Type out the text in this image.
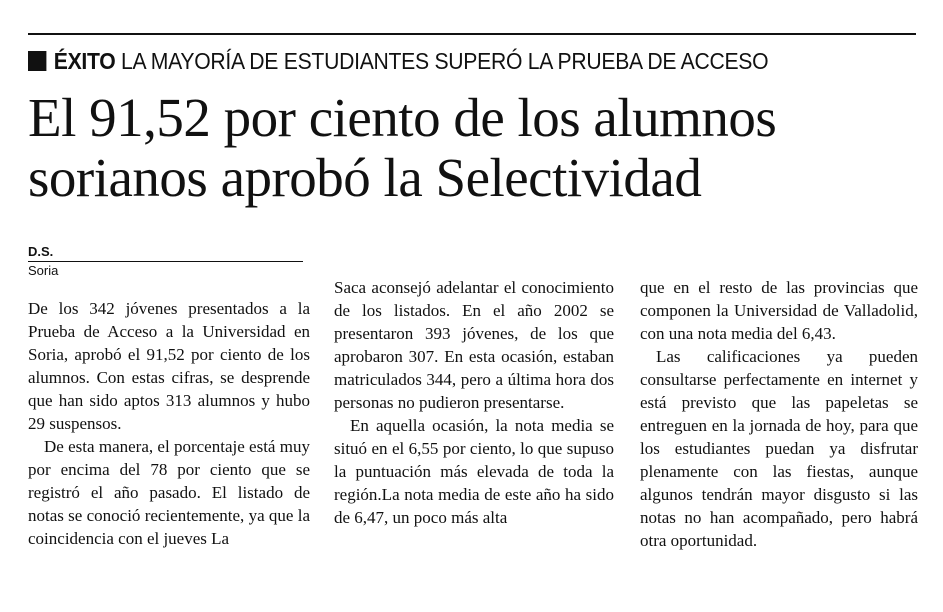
ÉXITO LA MAYORÍA DE ESTUDIANTES SUPERÓ LA PRUEBA DE ACCESO
El 91,52 por ciento de los alumnos
sorianos aprobó la Selectividad
D.S.
Soria

De los 342 jóvenes presentados a la Prueba de Acceso a la Universidad en Soria, aprobó el 91,52 por ciento de los alumnos. Con estas cifras, se desprende que han sido aptos 313 alumnos y hubo 29 suspensos.

De esta manera, el porcentaje está muy por encima del 78 por ciento que se registró el año pasado. El listado de notas se conoció recientemente, ya que la coincidencia con el jueves La

Saca aconsejó adelantar el conocimiento de los listados. En el año 2002 se presentaron 393 jóvenes, de los que aprobaron 307. En esta ocasión, estaban matriculados 344, pero a última hora dos personas no pudieron presentarse.

En aquella ocasión, la nota media se situó en el 6,55 por ciento, lo que supuso la puntuación más elevada de toda la región.La nota media de este año ha sido de 6,47, un poco más alta

que en el resto de las provincias que componen la Universidad de Valladolid, con una nota media del 6,43.

Las calificaciones ya pueden consultarse perfectamente en internet y está previsto que las papeletas se entreguen en la jornada de hoy, para que los estudiantes puedan ya disfrutar plenamente con las fiestas, aunque algunos tendrán mayor disgusto si las notas no han acompañado, pero habrá otra oportunidad.
